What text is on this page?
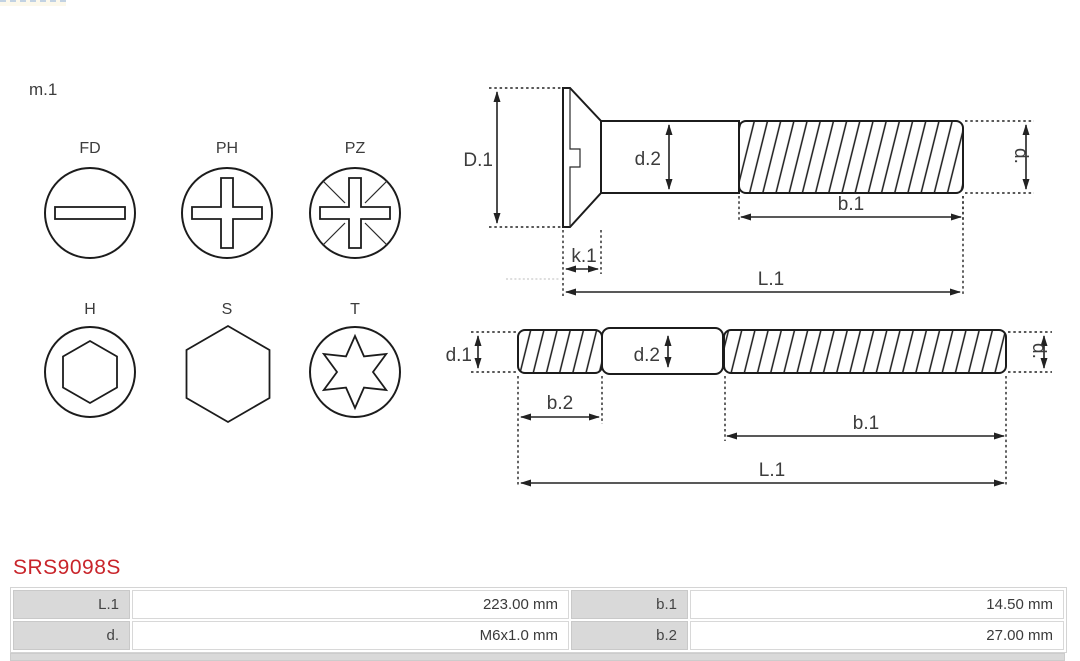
m.1
FD	PH	PZ
H	S	T
D.1	d.2	d.
b.1
k.1
L.1
d.1	d.2	d.
b.2
b.1
L.1
SRS9098S
L.1	223.00 mm	b.1	14.50 mm
d.	M6x1.0 mm	b.2	27.00 mm
